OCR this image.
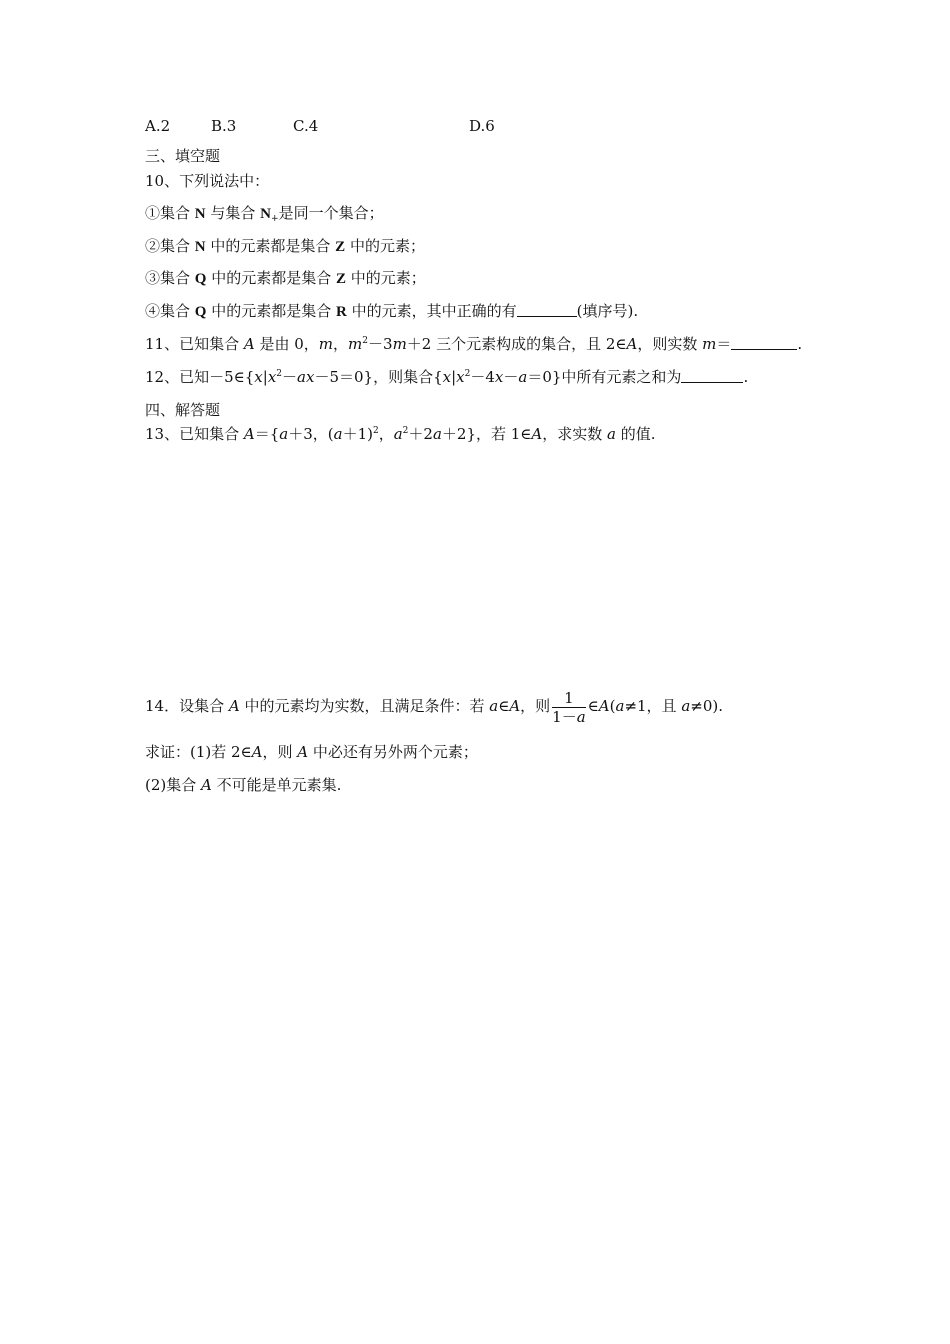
A.2	B.3	C.4	D.6
三、填空题
10、下列说法中：
①集合 N 与集合 $N_+$是同一个集合；
②集合 N 中的元素都是集合 Z 中的元素；
③集合 Q 中的元素都是集合 Z 中的元素；
④集合 Q 中的元素都是集合 R 中的元素，其中正确的有	(填序号).
11、已知集合 A 是由 0，m，$m^2-3m+2$ 三个元素构成的集合，且 2∈A，则实数 m＝	.
12、已知$-5\in\{x|x^2-ax-5=0\}$，则集合$\{x|x^2-4x-a=0\}$中所有元素之和为	.
四、解答题
13、已知集合 A＝{a＋3，$(a+1)^2$，$a^2+2a+2$}，若 1∈A，求实数 a 的值.
14．设集合 A 中的元素均为实数，且满足条件：若 a∈A，则 $\frac{1}{1-a}$ ∈A(a≠1，且 a≠0).
求证：(1)若 2∈A，则 A 中必还有另外两个元素；
(2)集合 A 不可能是单元素集.
